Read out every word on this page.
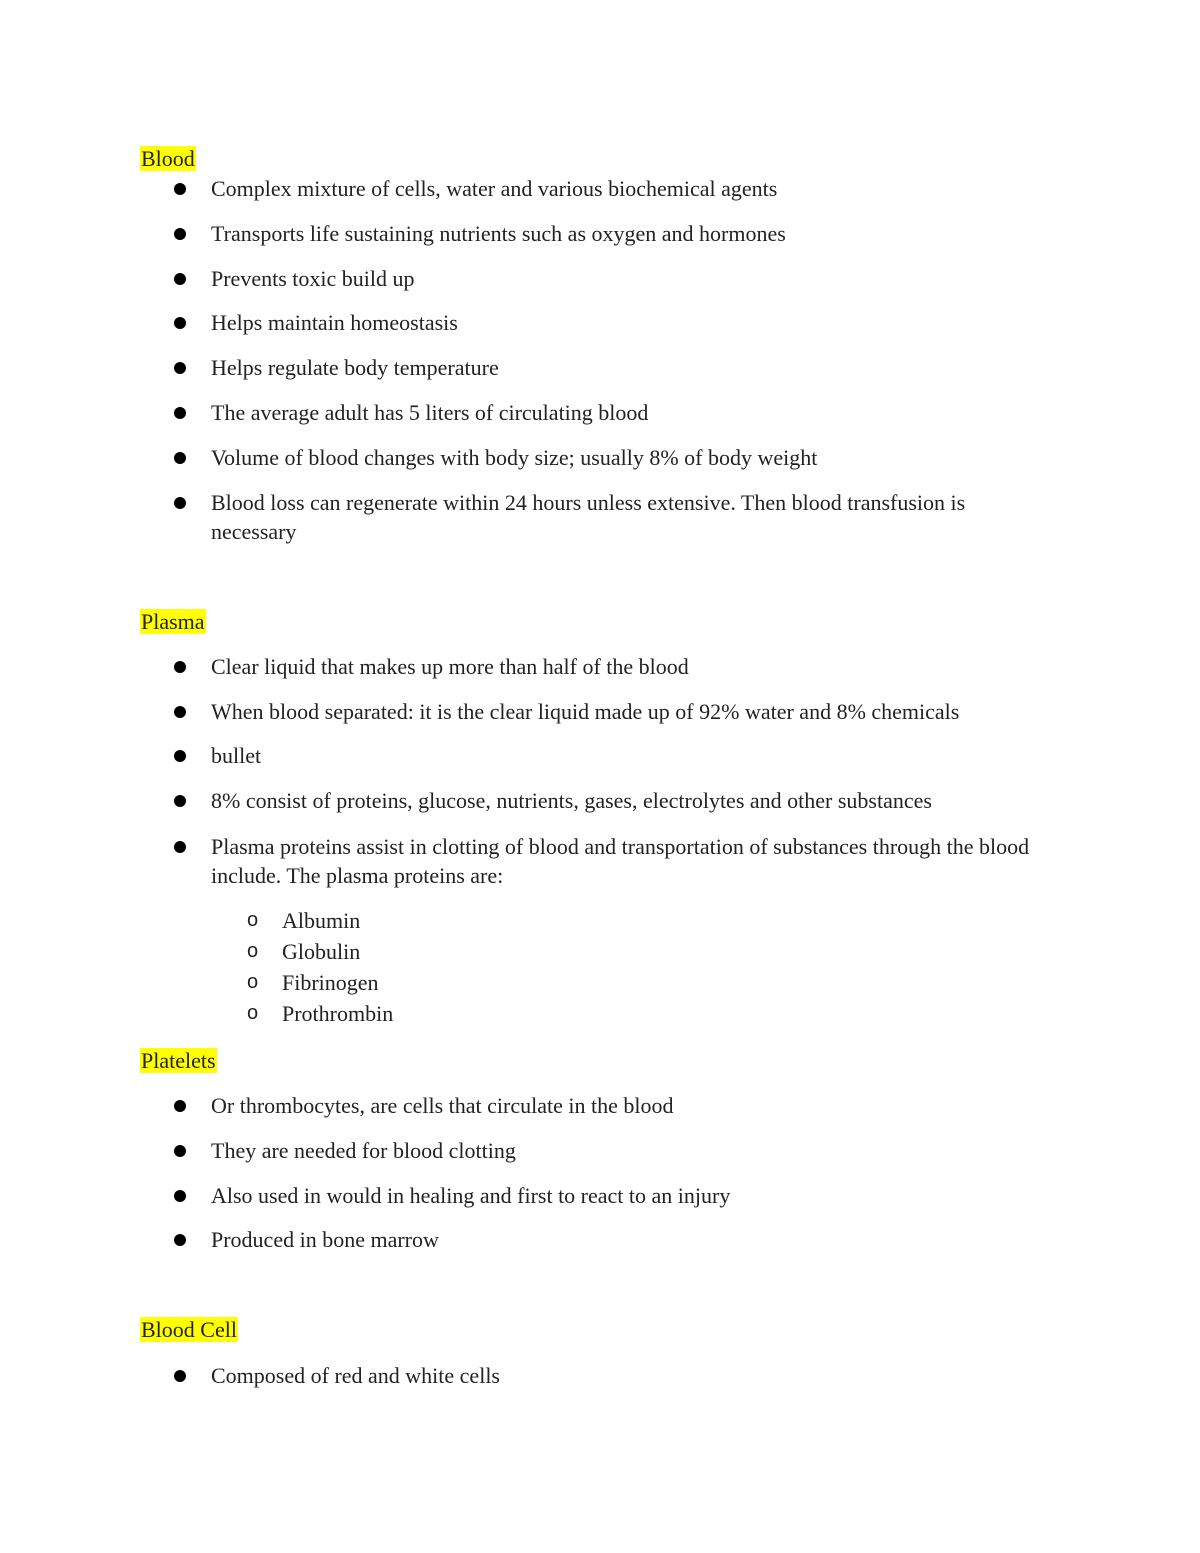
Blood

Complex mixture of cells, water and various biochemical agents

Transports life sustaining nutrients such as oxygen and hormones

Prevents toxic build up

Helps maintain homeostasis

Helps regulate body temperature

The average adult has 5 liters of circulating blood

Volume of blood changes with body size; usually 8% of body weight

Blood loss can regenerate within 24 hours unless extensive. Then blood transfusion is necessary

Plasma

Clear liquid that makes up more than half of the blood

When blood separated: it is the clear liquid made up of 92% water and 8% chemicals

bullet

8% consist of proteins, glucose, nutrients, gases, electrolytes and other substances

Plasma proteins assist in clotting of blood and transportation of substances through the blood include. The plasma proteins are:

o Albumin
o Globulin
o Fibrinogen
o Prothrombin
Platelets

Or thrombocytes, are cells that circulate in the blood

They are needed for blood clotting

Also used in would in healing and first to react to an injury

Produced in bone marrow

Blood Cell

Composed of red and white cells
